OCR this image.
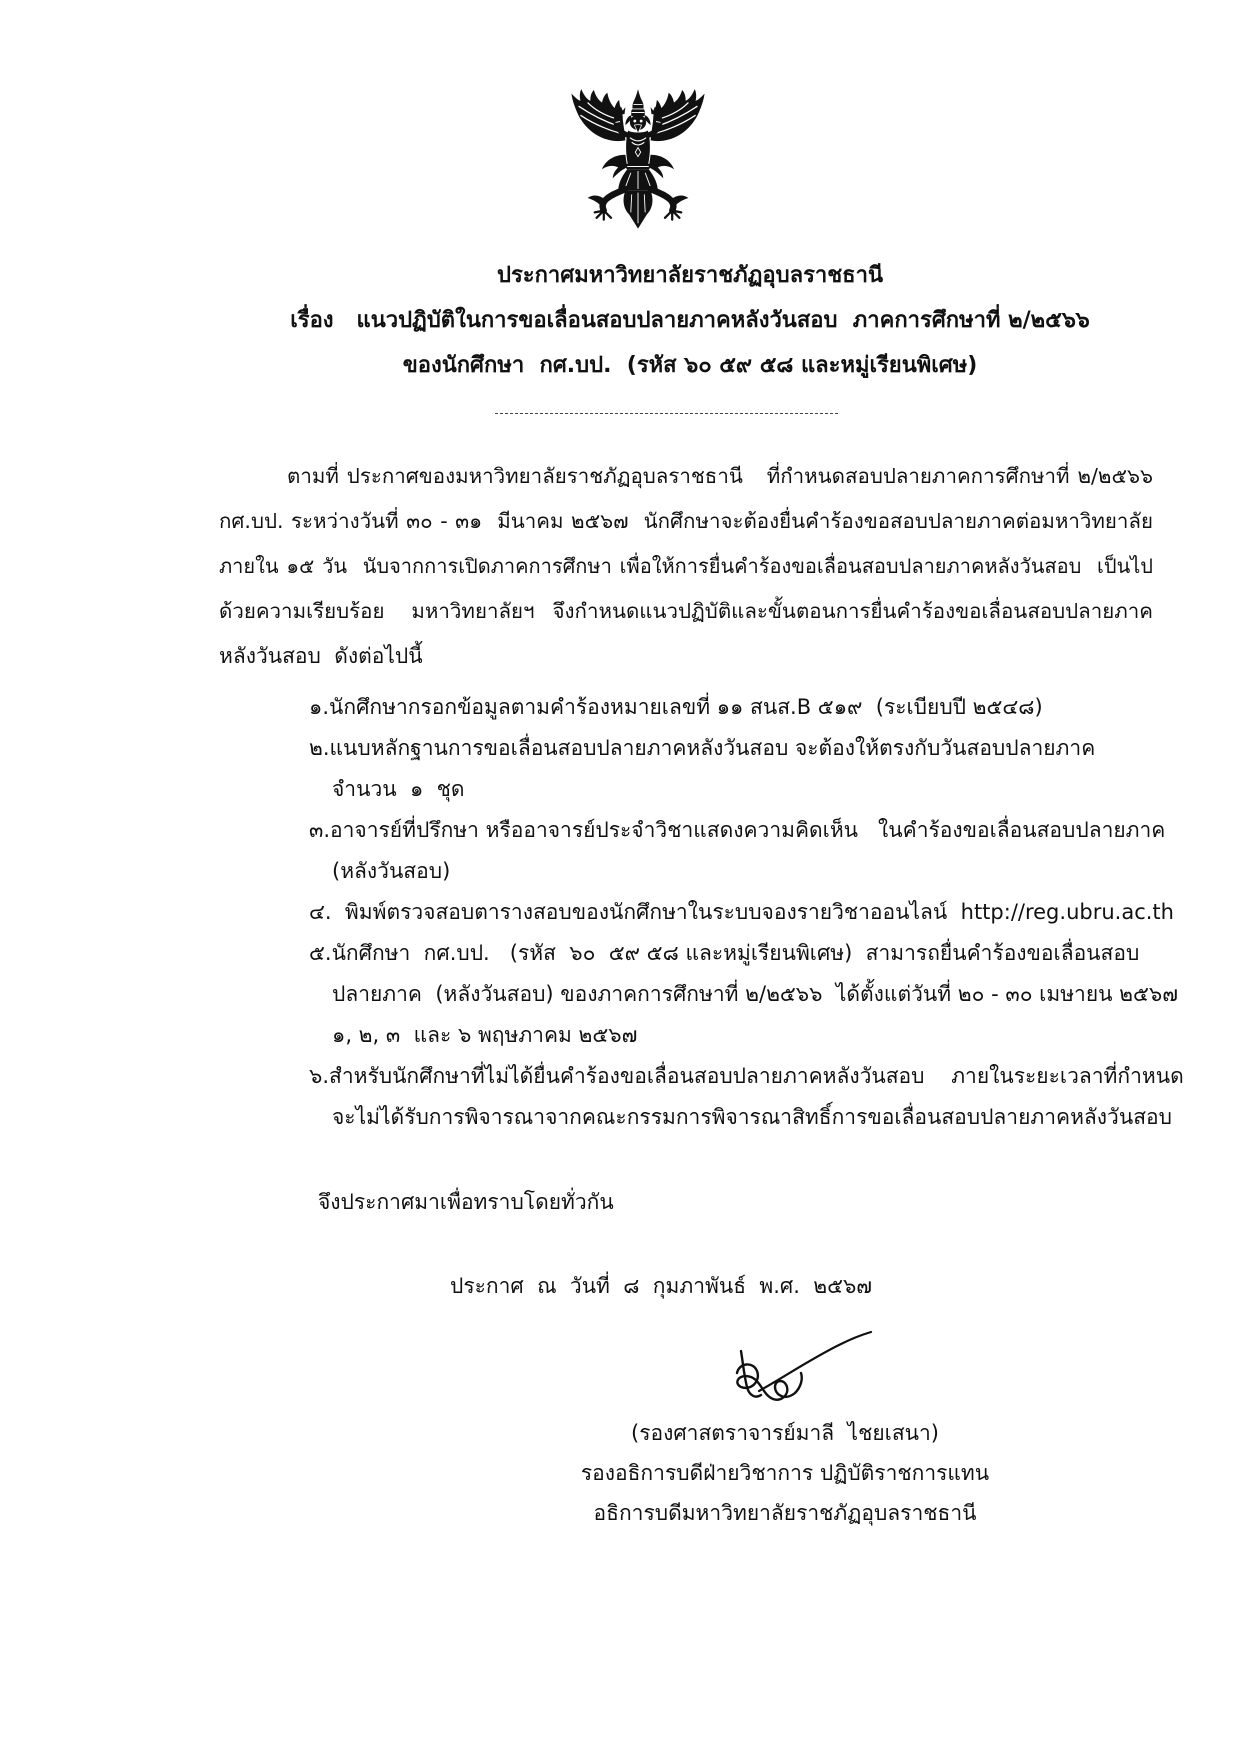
ประกาศมหาวิทยาลัยราชภัฏอุบลราชธานี
เรื่อง   แนวปฏิบัติในการขอเลื่อนสอบปลายภาคหลังวันสอบ  ภาคการศึกษาที่ ๒/๒๕๖๖
ของนักศึกษา  กศ.บป.  (รหัส ๖๐ ๕๙ ๕๘ และหมู่เรียนพิเศษ)
ตามที่ ประกาศของมหาวิทยาลัยราชภัฏอุบลราชธานี   ที่กำหนดสอบปลายภาคการศึกษาที่ ๒/๒๕๖๖
กศ.บป. ระหว่างวันที่ ๓๐ - ๓๑  มีนาคม ๒๕๖๗  นักศึกษาจะต้องยื่นคำร้องขอสอบปลายภาคต่อมหาวิทยาลัย
ภายใน ๑๕ วัน  นับจากการเปิดภาคการศึกษา เพื่อให้การยื่นคำร้องขอเลื่อนสอบปลายภาคหลังวันสอบ  เป็นไป
ด้วยความเรียบร้อย   มหาวิทยาลัยฯ  จึงกำหนดแนวปฏิบัติและขั้นตอนการยื่นคำร้องขอเลื่อนสอบปลายภาค
หลังวันสอบ  ดังต่อไปนี้
๑.นักศึกษากรอกข้อมูลตามคำร้องหมายเลขที่ ๑๑ สนส.B ๕๑๙  (ระเบียบปี ๒๕๔๘)
๒.แนบหลักฐานการขอเลื่อนสอบปลายภาคหลังวันสอบ จะต้องให้ตรงกับวันสอบปลายภาค
จำนวน  ๑  ชุด
๓.อาจารย์ที่ปรึกษา หรืออาจารย์ประจำวิชาแสดงความคิดเห็น   ในคำร้องขอเลื่อนสอบปลายภาค
(หลังวันสอบ)
๔.  พิมพ์ตรวจสอบตารางสอบของนักศึกษาในระบบจองรายวิชาออนไลน์  http://reg.ubru.ac.th
๕.นักศึกษา  กศ.บป.   (รหัส  ๖๐  ๕๙ ๕๘ และหมู่เรียนพิเศษ)  สามารถยื่นคำร้องขอเลื่อนสอบ
ปลายภาค  (หลังวันสอบ) ของภาคการศึกษาที่ ๒/๒๕๖๖  ได้ตั้งแต่วันที่ ๒๐ - ๓๐ เมษายน ๒๕๖๗
๑, ๒, ๓  และ ๖ พฤษภาคม ๒๕๖๗
๖.สำหรับนักศึกษาที่ไม่ได้ยื่นคำร้องขอเลื่อนสอบปลายภาคหลังวันสอบ    ภายในระยะเวลาที่กำหนด
จะไม่ได้รับการพิจารณาจากคณะกรรมการพิจารณาสิทธิ์การขอเลื่อนสอบปลายภาคหลังวันสอบ
จึงประกาศมาเพื่อทราบโดยทั่วกัน
ประกาศ  ณ  วันที่  ๘  กุมภาพันธ์  พ.ศ.  ๒๕๖๗
(รองศาสตราจารย์มาลี  ไชยเสนา)
รองอธิการบดีฝ่ายวิชาการ ปฏิบัติราชการแทน
อธิการบดีมหาวิทยาลัยราชภัฏอุบลราชธานี
